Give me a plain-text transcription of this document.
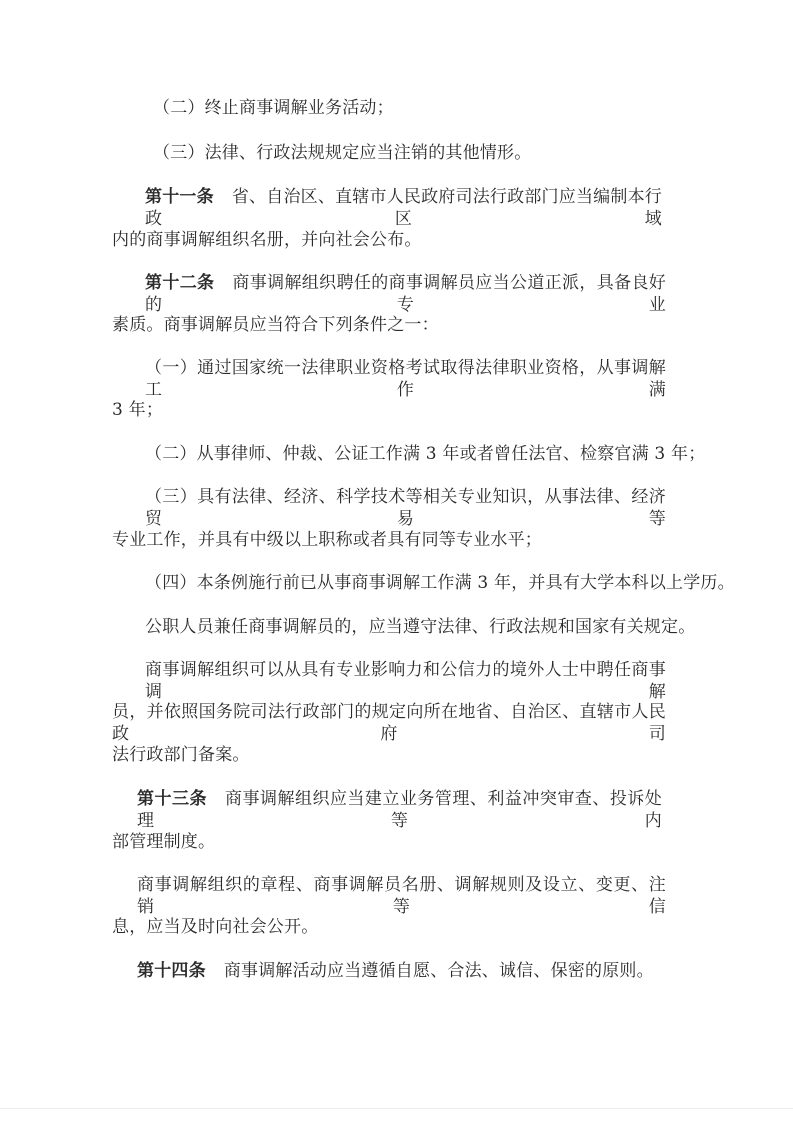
（二）终止商事调解业务活动；
（三）法律、行政法规规定应当注销的其他情形。
第十一条 省、自治区、直辖市人民政府司法行政部门应当编制本行政区域
内的商事调解组织名册，并向社会公布。
第十二条 商事调解组织聘任的商事调解员应当公道正派，具备良好的专业
素质。商事调解员应当符合下列条件之一：
（一）通过国家统一法律职业资格考试取得法律职业资格，从事调解工作满
3 年；
（二）从事律师、仲裁、公证工作满 3 年或者曾任法官、检察官满 3 年；
（三）具有法律、经济、科学技术等相关专业知识，从事法律、经济贸易等
专业工作，并具有中级以上职称或者具有同等专业水平；
（四）本条例施行前已从事商事调解工作满 3 年，并具有大学本科以上学历。
公职人员兼任商事调解员的，应当遵守法律、行政法规和国家有关规定。
商事调解组织可以从具有专业影响力和公信力的境外人士中聘任商事调解
员，并依照国务院司法行政部门的规定向所在地省、自治区、直辖市人民政府司
法行政部门备案。
第十三条 商事调解组织应当建立业务管理、利益冲突审查、投诉处理等内
部管理制度。
商事调解组织的章程、商事调解员名册、调解规则及设立、变更、注销等信
息，应当及时向社会公开。
第十四条 商事调解活动应当遵循自愿、合法、诚信、保密的原则。
